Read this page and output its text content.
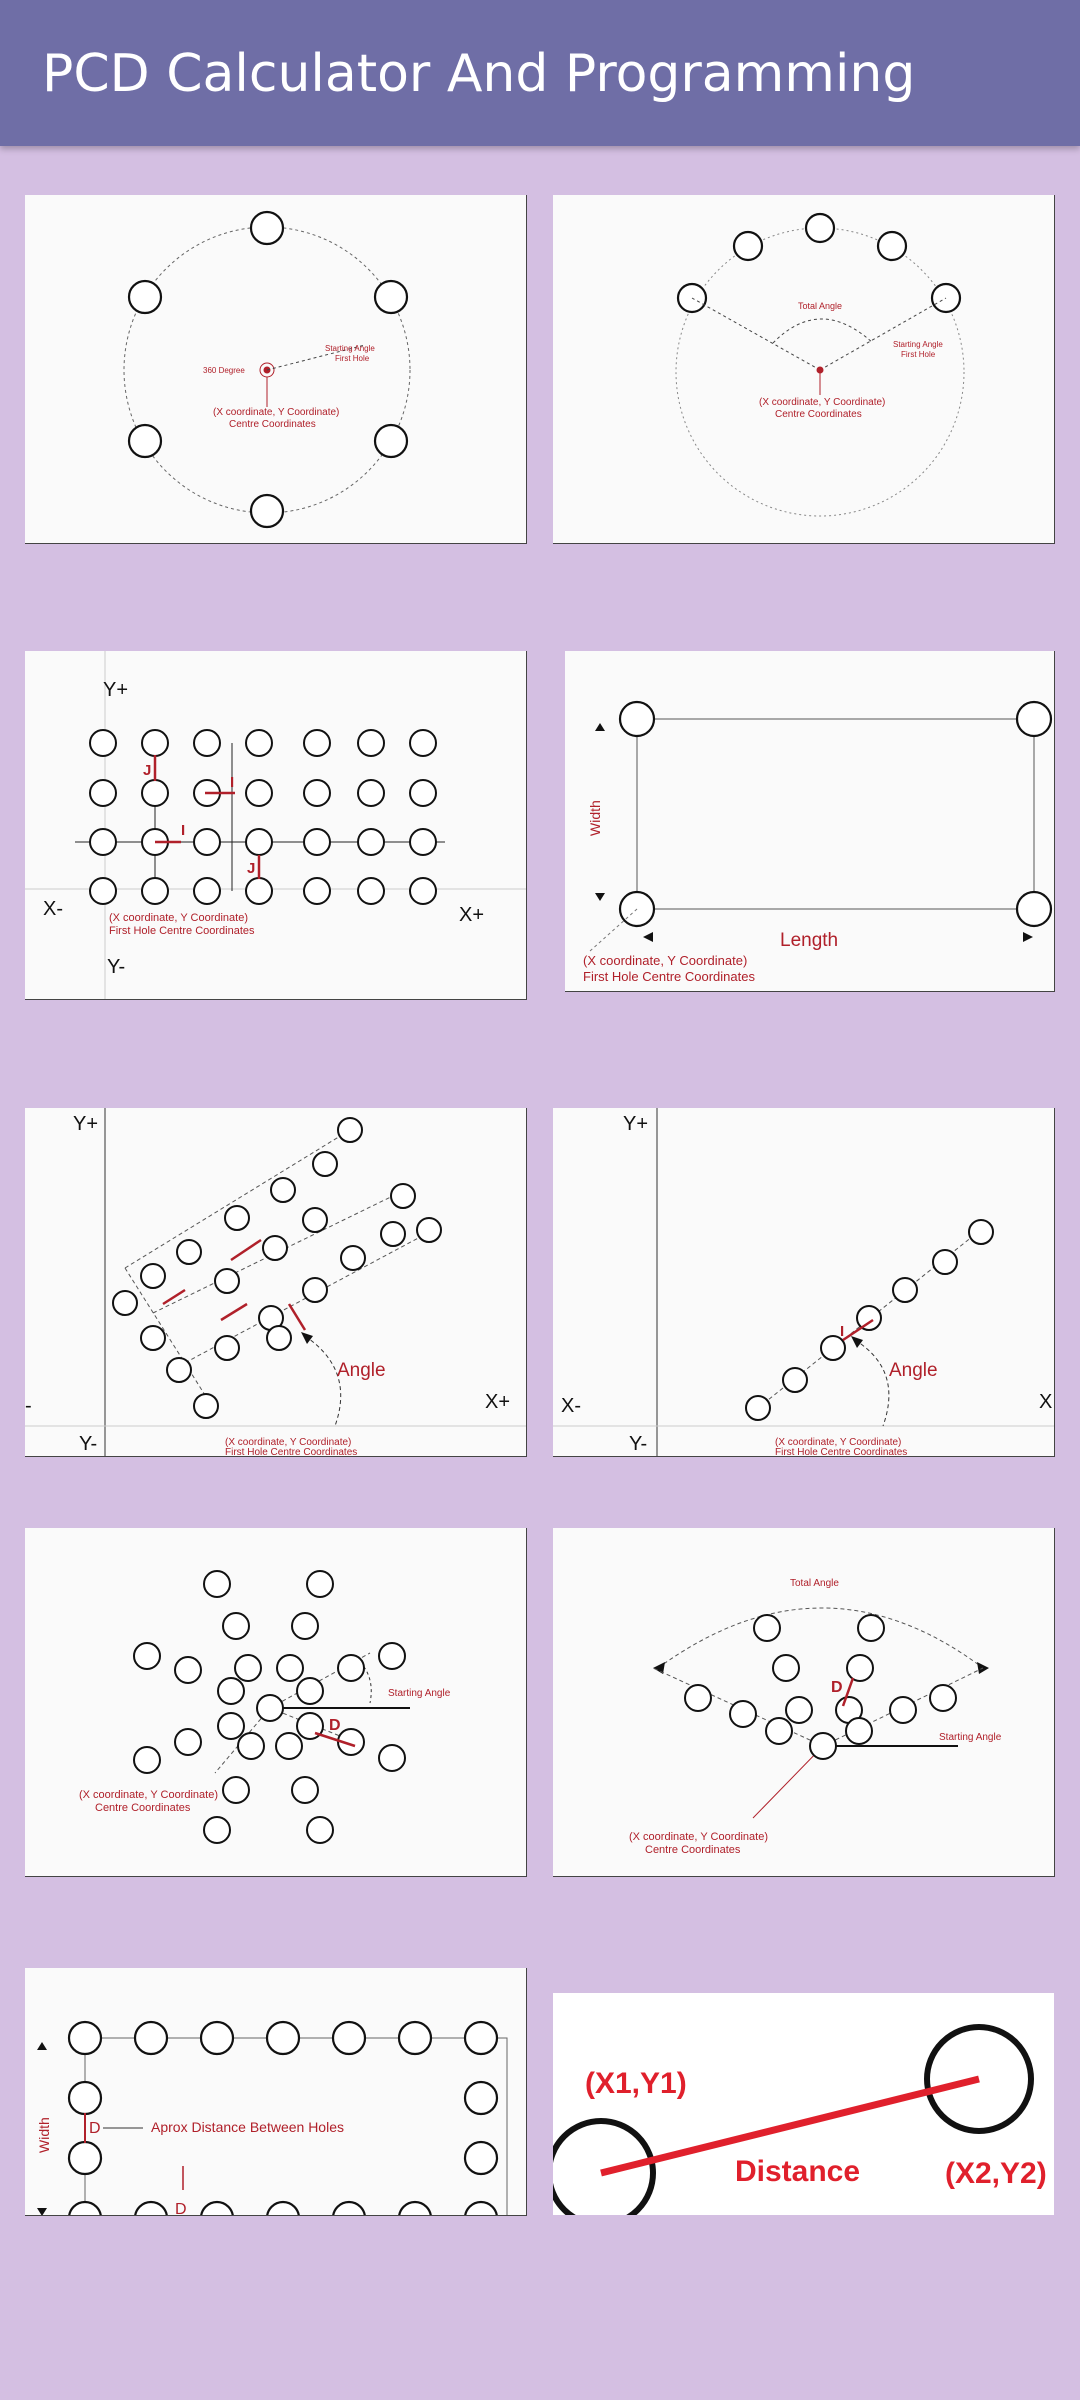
PCD Calculator And Programming
360 Degree
Starting Angle
First Hole
(X coordinate, Y Coordinate)
Centre Coordinates
Total Angle
Starting Angle
First Hole
(X coordinate, Y Coordinate)
Centre Coordinates
Y+
Y-
X-	X+
J
I
I
J
(X coordinate, Y Coordinate)
First Hole Centre Coordinates
Width
Length
(X coordinate, Y Coordinate)
First Hole Centre Coordinates
Y+
Y-
-	X+
Angle
(X coordinate, Y Coordinate)
First Hole Centre Coordinates
Y+
Y-
X-	X
I
Angle
(X coordinate, Y Coordinate)
First Hole Centre Coordinates
D
Starting Angle
(X coordinate, Y Coordinate)
Centre Coordinates
D
Total Angle
Starting Angle
(X coordinate, Y Coordinate)
Centre Coordinates
D
D
Aprox Distance Between Holes
Width
(X1,Y1)
(X2,Y2)
Distance
